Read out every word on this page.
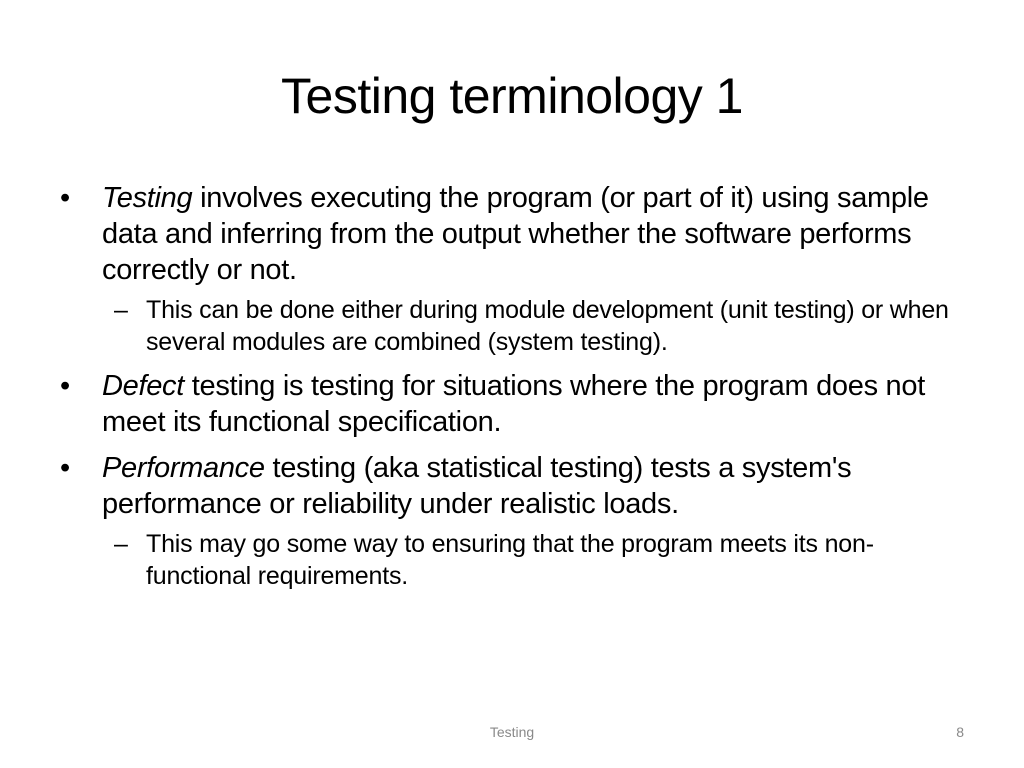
Testing terminology 1
• Testing involves executing the program (or part of it) using sample data and inferring from the output whether the software performs correctly or not.
– This can be done either during module development (unit testing) or when several modules are combined (system testing).
• Defect testing is testing for situations where the program does not meet its functional specification.
• Performance testing (aka statistical testing) tests a system's performance or reliability under realistic loads.
– This may go some way to ensuring that the program meets its non-functional requirements.
Testing	8
